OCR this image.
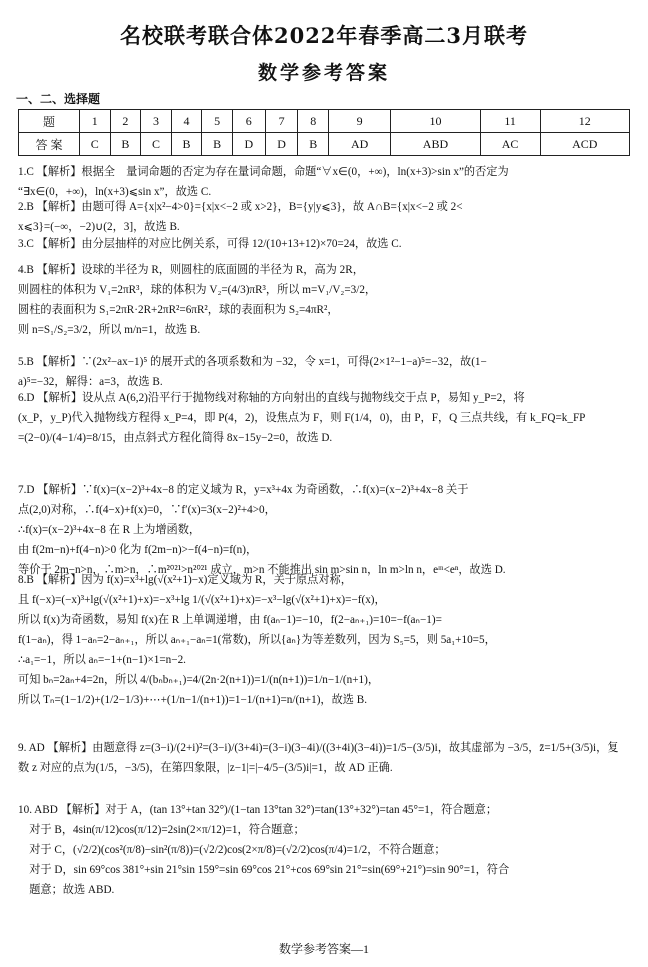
名校联考联合体2022年春季高二3月联考
数学参考答案
一、二、选择题
题	1	2	3	4	5	6	7	8	9	10	11	12
答 案	C	B	C	B	B	D	D	B	AD	ABD	AC	ACD
1.C 【解析】根据全　量词命题的否定为存在量词命题，命题“∀x∈(0，+∞)，ln(x+3)>sin x”的否定为
“∃x∈(0，+∞)，ln(x+3)⩽sin x”，故选 C.
2.B 【解析】由题可得 A={x|x²−4>0}={x|x<−2 或 x>2}，B={y|y⩽3}，故 A∩B={x|x<−2 或 2<
x⩽3}=(−∞，−2)∪(2，3]，故选 B.
3.C 【解析】由分层抽样的对应比例关系，可得 12/(10+13+12)×70=24，故选 C.
4.B 【解析】设球的半径为 R，则圆柱的底面圆的半径为 R，高为 2R，
则圆柱的体积为 V₁=2πR³，球的体积为 V₂=(4/3)πR³，所以 m=V₁/V₂=3/2，
圆柱的表面积为 S₁=2πR·2R+2πR²=6πR²，球的表面积为 S₂=4πR²，
则 n=S₁/S₂=3/2，所以 m/n=1，故选 B.
5.B 【解析】∵(2x²−ax−1)⁵ 的展开式的各项系数和为 −32，令 x=1，可得(2×1²−1−a)⁵=−32，故(1−
a)⁵=−32，解得：a=3，故选 B.
6.D 【解析】设从点 A(6,2)沿平行于抛物线对称轴的方向射出的直线与抛物线交于点 P，易知 y_P=2，将
(x_P，y_P)代入抛物线方程得 x_P=4，即 P(4，2)，设焦点为 F，则 F(1/4，0)，由 P，F，Q 三点共线，有 k_FQ=k_FP
=(2−0)/(4−1/4)=8/15，由点斜式方程化简得 8x−15y−2=0，故选 D.
7.D 【解析】∵f(x)=(x−2)³+4x−8 的定义域为 R，y=x³+4x 为奇函数，∴f(x)=(x−2)³+4x−8 关于
点(2,0)对称，∴f(4−x)+f(x)=0，∵f′(x)=3(x−2)²+4>0，
∴f(x)=(x−2)³+4x−8 在 R 上为增函数，
由 f(2m−n)+f(4−n)>0 化为 f(2m−n)>−f(4−n)=f(n)，
等价于 2m−n>n，∴m>n，∴m²⁰²¹>n²⁰²¹ 成立，m>n 不能推出 sin m>sin n，ln m>ln n，eᵐ<eⁿ，故选 D.
8.B 【解析】因为 f(x)=x³+lg(√(x²+1)−x)定义域为 R，关于原点对称，
且 f(−x)=(−x)³+lg(√(x²+1)+x)=−x³+lg 1/(√(x²+1)+x)=−x³−lg(√(x²+1)+x)=−f(x)，
所以 f(x)为奇函数，易知 f(x)在 R 上单调递增，由 f(aₙ−1)=−10，f(2−aₙ₊₁)=10=−f(aₙ−1)=
f(1−aₙ)，得 1−aₙ=2−aₙ₊₁，所以 aₙ₊₁−aₙ=1(常数)，所以{aₙ}为等差数列，因为 S₅=5，则 5a₁+10=5，
∴a₁=−1，所以 aₙ=−1+(n−1)×1=n−2.
可知 bₙ=2aₙ+4=2n，所以 4/(bₙbₙ₊₁)=4/(2n·2(n+1))=1/(n(n+1))=1/n−1/(n+1)，
所以 Tₙ=(1−1/2)+(1/2−1/3)+⋯+(1/n−1/(n+1))=1−1/(n+1)=n/(n+1)，故选 B.
9. AD 【解析】由题意得 z=(3−i)/(2+i)²=(3−i)/(3+4i)=(3−i)(3−4i)/((3+4i)(3−4i))=1/5−(3/5)i，故其虚部为 −3/5，z̄=1/5+(3/5)i，复
数 z 对应的点为(1/5，−3/5)，在第四象限，|z−1|=|−4/5−(3/5)i|=1，故 AD 正确.
10. ABD 【解析】对于 A，(tan 13°+tan 32°)/(1−tan 13°tan 32°)=tan(13°+32°)=tan 45°=1，符合题意；
　对于 B，4sin(π/12)cos(π/12)=2sin(2×π/12)=1，符合题意；
　对于 C，(√2/2)(cos²(π/8)−sin²(π/8))=(√2/2)cos(2×π/8)=(√2/2)cos(π/4)=1/2，不符合题意；
　对于 D，sin 69°cos 381°+sin 21°sin 159°=sin 69°cos 21°+cos 69°sin 21°=sin(69°+21°)=sin 90°=1，符合
　题意；故选 ABD.
数学参考答案—1
